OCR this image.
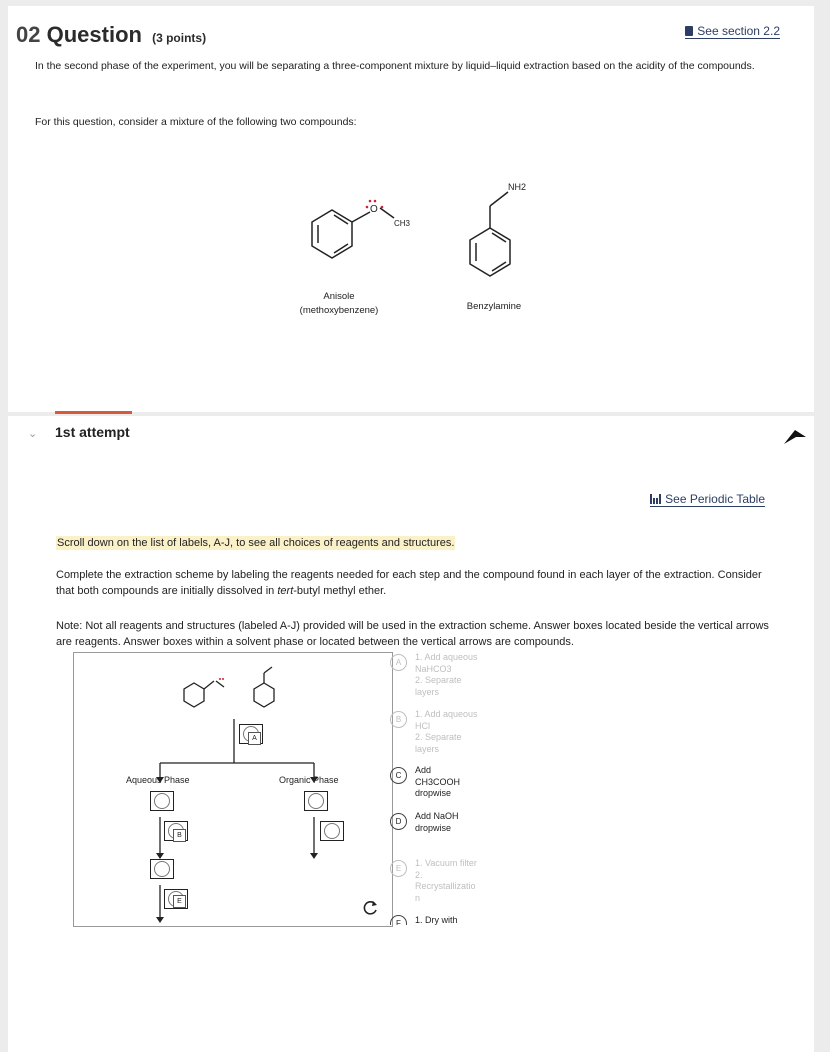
02 Question (3 points)	See section 2.2
In the second phase of the experiment, you will be separating a three-component mixture by liquid–liquid extraction based on the acidity of the compounds.
For this question, consider a mixture of the following two compounds:
O
CH3
NH2
Anisole
(methoxybenzene)	Benzylamine
⌄ 1st attempt
See Periodic Table
Scroll down on the list of labels, A-J, to see all choices of reagents and structures.
Complete the extraction scheme by labeling the reagents needed for each step and the compound found in each layer of the extraction. Consider that both compounds are initially dissolved in tert-butyl methyl ether.
Note: Not all reagents and structures (labeled A-J) provided will be used in the extraction scheme. Answer boxes located beside the vertical arrows are reagents. Answer boxes within a solvent phase or located between the vertical arrows are compounds.
A
Aqueous Phase	Organic Phase
B
E
A
1. Add aqueous
NaHCO3
2. Separate
layers
B
1. Add aqueous
HCl
2. Separate
layers
C
Add
CH3COOH
dropwise
D
Add NaOH
dropwise
E
1. Vacuum filter
2.
Recrystallizatio
n
F	1. Dry with
